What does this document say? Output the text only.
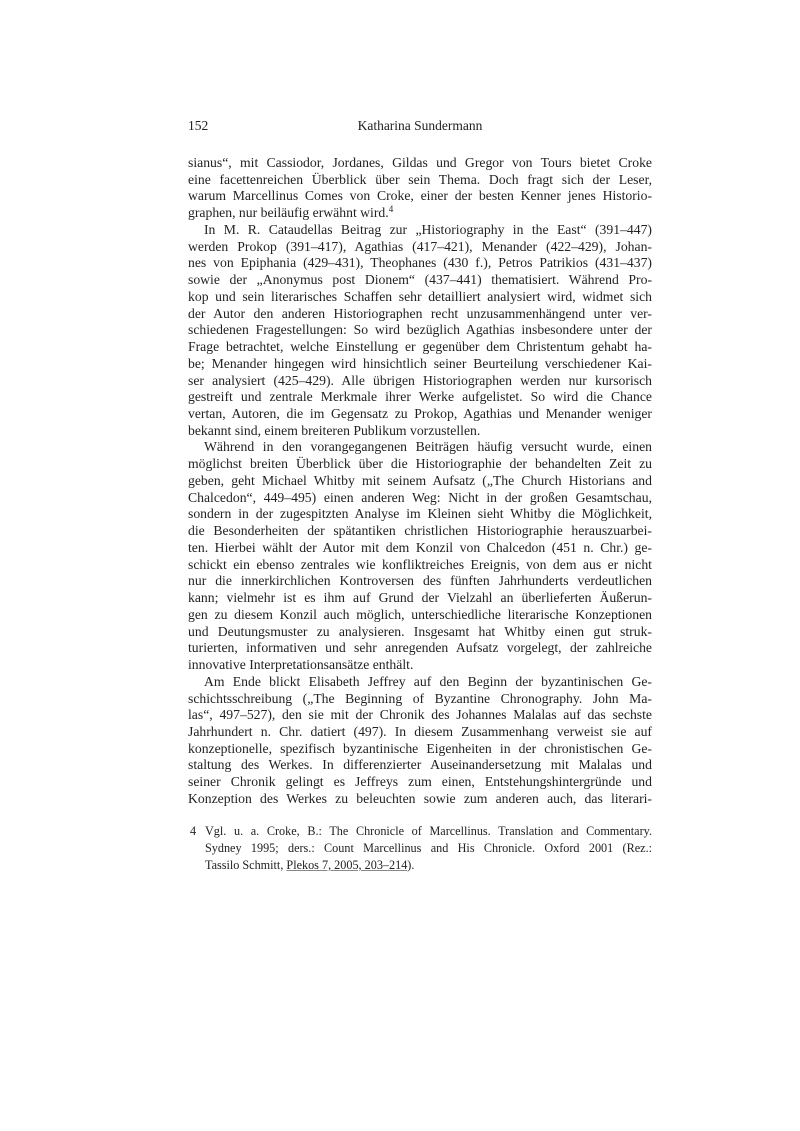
152	Katharina Sundermann
sianus“, mit Cassiodor, Jordanes, Gildas und Gregor von Tours bietet Croke
eine facettenreichen Überblick über sein Thema. Doch fragt sich der Leser,
warum Marcellinus Comes von Croke, einer der besten Kenner jenes Historio-
graphen, nur beiläufig erwähnt wird.$^4$
In M. R. Cataudellas Beitrag zur „Historiography in the East“ (391–447)
werden Prokop (391–417), Agathias (417–421), Menander (422–429), Johan-
nes von Epiphania (429–431), Theophanes (430 f.), Petros Patrikios (431–437)
sowie der „Anonymus post Dionem“ (437–441) thematisiert. Während Pro-
kop und sein literarisches Schaffen sehr detailliert analysiert wird, widmet sich
der Autor den anderen Historiographen recht unzusammenhängend unter ver-
schiedenen Fragestellungen: So wird bezüglich Agathias insbesondere unter der
Frage betrachtet, welche Einstellung er gegenüber dem Christentum gehabt ha-
be; Menander hingegen wird hinsichtlich seiner Beurteilung verschiedener Kai-
ser analysiert (425–429). Alle übrigen Historiographen werden nur kursorisch
gestreift und zentrale Merkmale ihrer Werke aufgelistet. So wird die Chance
vertan, Autoren, die im Gegensatz zu Prokop, Agathias und Menander weniger
bekannt sind, einem breiteren Publikum vorzustellen.
Während in den vorangegangenen Beiträgen häufig versucht wurde, einen
möglichst breiten Überblick über die Historiographie der behandelten Zeit zu
geben, geht Michael Whitby mit seinem Aufsatz („The Church Historians and
Chalcedon“, 449–495) einen anderen Weg: Nicht in der großen Gesamtschau,
sondern in der zugespitzten Analyse im Kleinen sieht Whitby die Möglichkeit,
die Besonderheiten der spätantiken christlichen Historiographie herauszuarbei-
ten. Hierbei wählt der Autor mit dem Konzil von Chalcedon (451 n. Chr.) ge-
schickt ein ebenso zentrales wie konfliktreiches Ereignis, von dem aus er nicht
nur die innerkirchlichen Kontroversen des fünften Jahrhunderts verdeutlichen
kann; vielmehr ist es ihm auf Grund der Vielzahl an überlieferten Äußerun-
gen zu diesem Konzil auch möglich, unterschiedliche literarische Konzeptionen
und Deutungsmuster zu analysieren. Insgesamt hat Whitby einen gut struk-
turierten, informativen und sehr anregenden Aufsatz vorgelegt, der zahlreiche
innovative Interpretationsansätze enthält.
Am Ende blickt Elisabeth Jeffrey auf den Beginn der byzantinischen Ge-
schichtsschreibung („The Beginning of Byzantine Chronography. John Ma-
las“, 497–527), den sie mit der Chronik des Johannes Malalas auf das sechste
Jahrhundert n. Chr. datiert (497). In diesem Zusammenhang verweist sie auf
konzeptionelle, spezifisch byzantinische Eigenheiten in der chronistischen Ge-
staltung des Werkes. In differenzierter Auseinandersetzung mit Malalas und
seiner Chronik gelingt es Jeffreys zum einen, Entstehungshintergründe und
Konzeption des Werkes zu beleuchten sowie zum anderen auch, das literari-
4 Vgl. u. a. Croke, B.: The Chronicle of Marcellinus. Translation and Commentary.
Sydney 1995; ders.: Count Marcellinus and His Chronicle. Oxford 2001 (Rez.:
Tassilo Schmitt, Plekos 7, 2005, 203–214).
